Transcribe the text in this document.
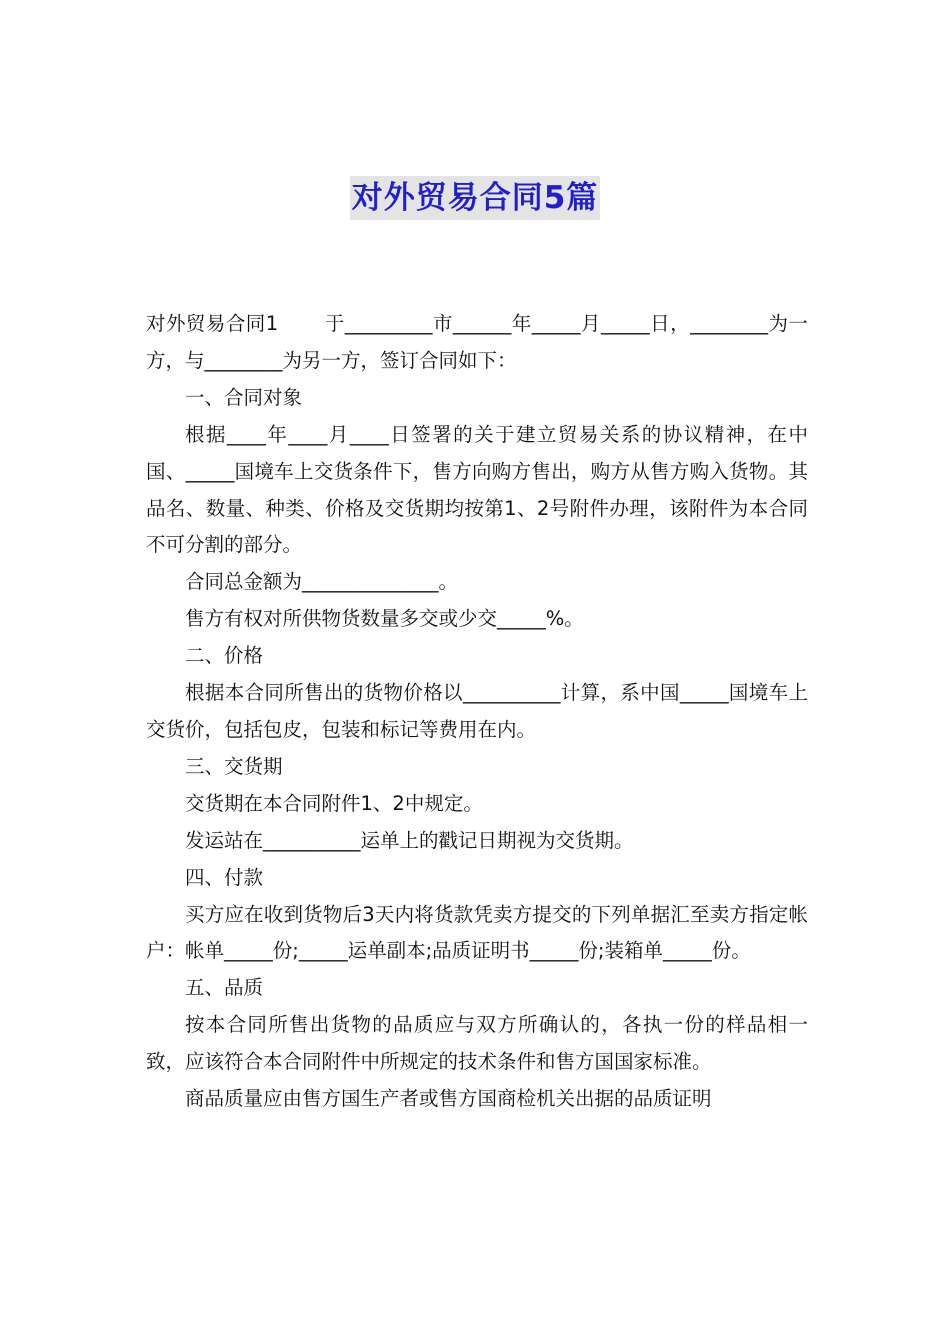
对外贸易合同5篇

对外贸易合同1 　　于_________市______年_____月_____日，________为一方，与________为另一方，签订合同如下：

一、合同对象

根据____年____月____日签署的关于建立贸易关系的协议精神，在中国、_____国境车上交货条件下，售方向购方售出，购方从售方购入货物。其品名、数量、种类、价格及交货期均按第1、2号附件办理，该附件为本合同不可分割的部分。

合同总金额为______________。

售方有权对所供物货数量多交或少交_____%。

二、价格

根据本合同所售出的货物价格以__________计算，系中国_____国境车上交货价，包括包皮，包装和标记等费用在内。

三、交货期

交货期在本合同附件1、2中规定。

发运站在__________运单上的戳记日期视为交货期。

四、付款

买方应在收到货物后3天内将货款凭卖方提交的下列单据汇至卖方指定帐户：帐单_____份;_____运单副本;品质证明书_____份;装箱单_____份。

五、品质

按本合同所售出货物的品质应与双方所确认的，各执一份的样品相一致，应该符合本合同附件中所规定的技术条件和售方国国家标准。

商品质量应由售方国生产者或售方国商检机关出据的品质证明
